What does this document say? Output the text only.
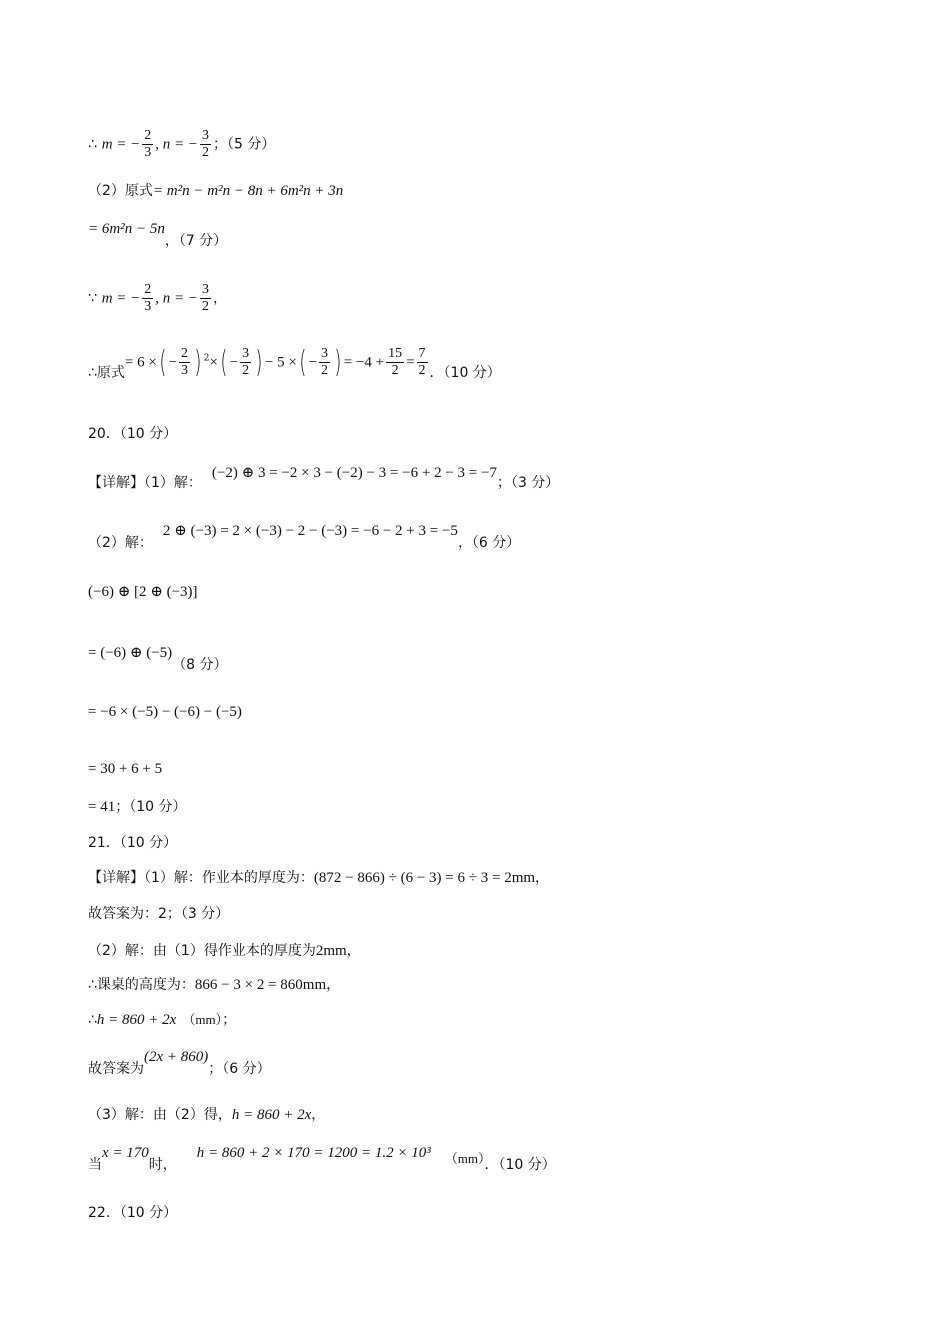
∴ m = − $\frac{2}{3}$ , n = − $\frac{3}{2}$ ；（5 分）
（2）原式= m²n − m²n − 8n + 6m²n + 3n
= 6m²n − 5n，（7 分）
∵ m = − $\frac{2}{3}$ , n = − $\frac{3}{2}$ ，
∴原式= 6 ×( − $\frac{2}{3}$ ) $^2\times( - \frac{3}{2}$ ) − 5 ×( − $\frac{3}{2}$ ) = $-4 + \frac{15}{2} = \frac{7}{2}$ ．（10 分）
20．（10 分）
【详解】（1）解：(−2) ⊕ 3 = −2 × 3 − (−2) − 3 = −6 + 2 − 3 = −7；（3 分）
（2）解：2 ⊕ (−3) = 2 × (−3) − 2 − (−3) = −6 − 2 + 3 = −5，（6 分）
(−6) ⊕ [2 ⊕ (−3)]
= (−6) ⊕ (−5)（8 分）
= −6 × (−5) − (−6) − (−5)
= 30 + 6 + 5
= 41；（10 分）
21．（10 分）
【详解】（1）解：作业本的厚度为：(872 − 866) ÷ (6 − 3) = 6 ÷ 3 = 2mm，
故答案为：2；（3 分）
（2）解：由（1）得作业本的厚度为2mm，
∴课桌的高度为：866 − 3 × 2 = 860mm，
∴h = 860 + 2x （mm）；
故答案为(2x + 860)；（6 分）
（3）解：由（2）得，h = 860 + 2x，
当x = 170时，h = 860 + 2 × 170 = 1200 = 1.2 × 10³ （mm）．（10 分）
22．（10 分）
